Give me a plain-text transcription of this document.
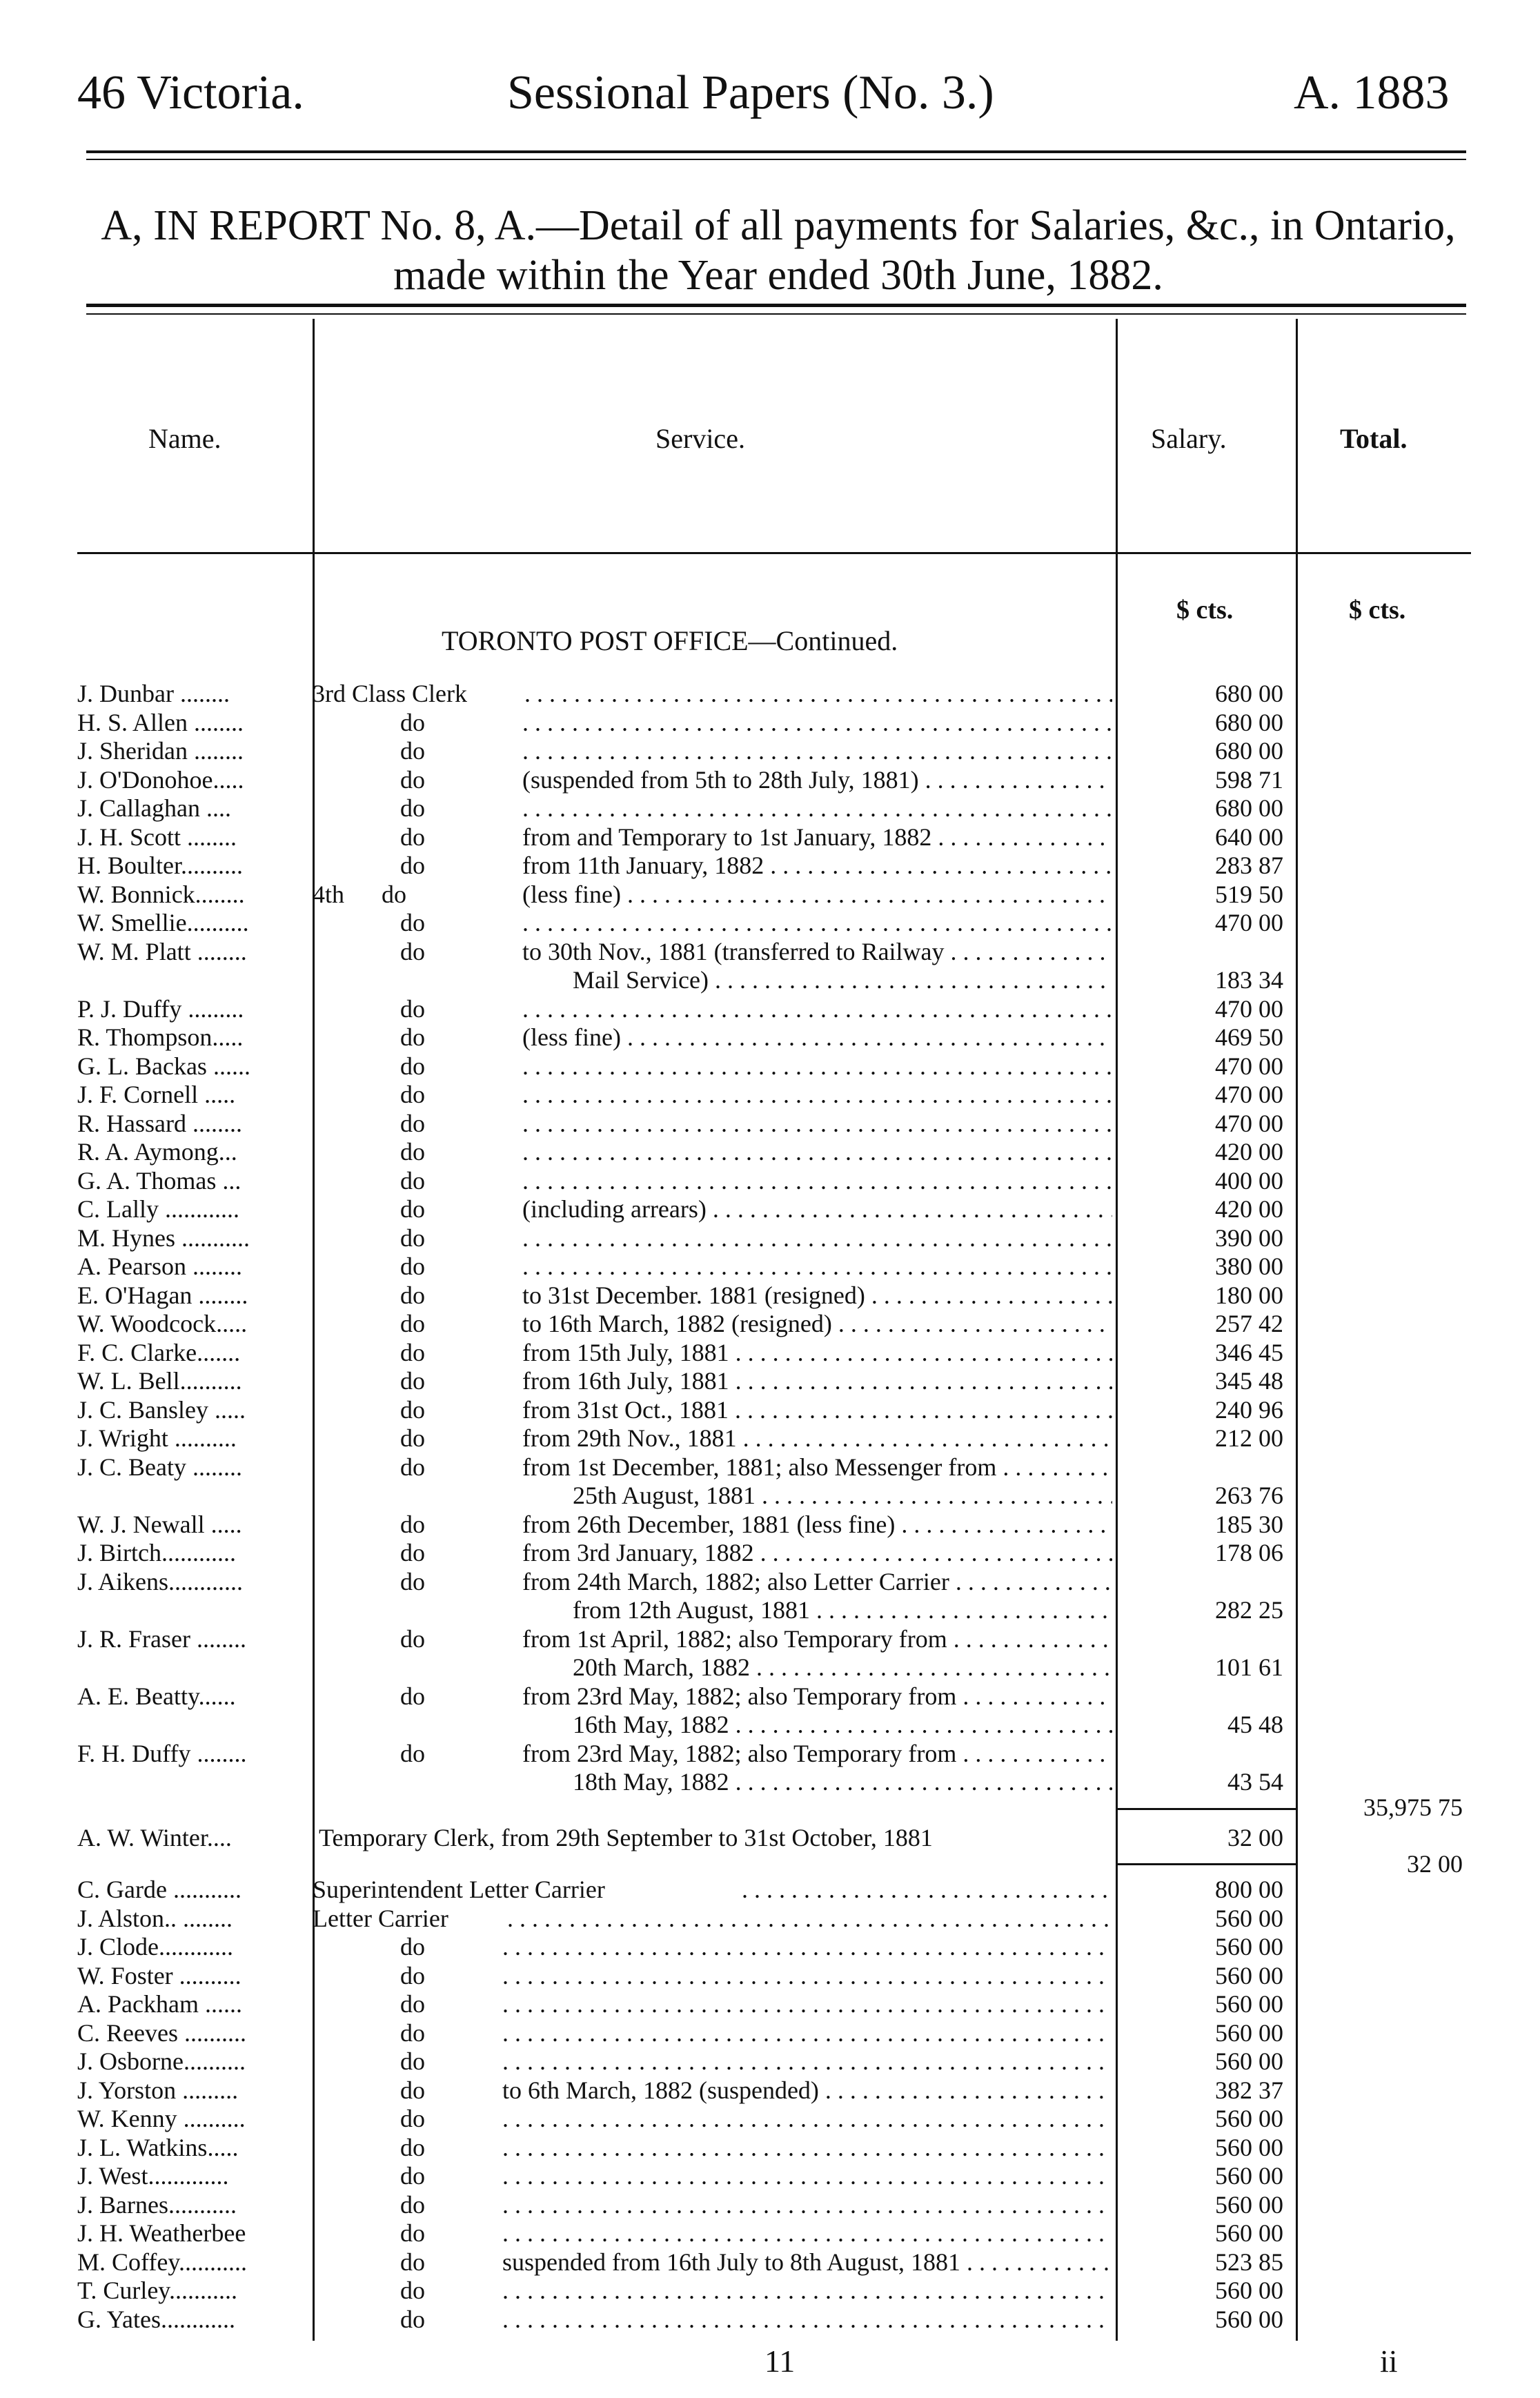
46 Victoria.	Sessional Papers (No. 3.)	A. 1883
A, IN REPORT No. 8, A.—Detail of all payments for Salaries, &c., in Ontario,
made within the Year ended 30th June, 1882.
Name.	Service.	Salary.	Total.
$ cts.	$ cts.
TORONTO POST OFFICE—Continued.
J. Dunbar ........	3rd Class Clerk . . .	680 00
H. S. Allen ........	do . . .	680 00
J. Sheridan ........	do . . .	680 00
J. O'Donohoe.....	do	(suspended from 5th to 28th July, 1881) . . .	598 71
J. Callaghan ....	do . . .	680 00
J. H. Scott ........	do	from and Temporary to 1st January, 1882 . . .	640 00
H. Boulter..........	do	from 11th January, 1882 . . .	283 87
W. Bonnick........	4th      do	(less fine) . . .	519 50
W. Smellie..........	do . . .	470 00
W. M. Platt ........	do	to 30th Nov., 1881 (transferred to Railway . . .
Mail Service) . . .	183 34
P. J. Duffy .........	do . . .	470 00
R. Thompson.....	do	(less fine) . . .	469 50
G. L. Backas ......	do . . .	470 00
J. F. Cornell .....	do . . .	470 00
R. Hassard ........	do . . .	470 00
R. A. Aymong...	do . . .	420 00
G. A. Thomas ...	do . . .	400 00
C. Lally ............	do	(including arrears) . . .	420 00
M. Hynes ...........	do . . .	390 00
A. Pearson ........	do . . .	380 00
E. O'Hagan ........	do	to 31st December. 1881 (resigned) . . .	180 00
W. Woodcock.....	do	to 16th March, 1882 (resigned) . . .	257 42
F. C. Clarke.......	do	from 15th July, 1881 . . .	346 45
W. L. Bell..........	do	from 16th July, 1881 . . .	345 48
J. C. Bansley .....	do	from 31st Oct., 1881 . . .	240 96
J. Wright ..........	do	from 29th Nov., 1881 . . .	212 00
J. C. Beaty ........	do	from 1st December, 1881; also Messenger from . . .
25th August, 1881 . . .	263 76
W. J. Newall .....	do	from 26th December, 1881 (less fine) . . .	185 30
J. Birtch............	do	from 3rd January, 1882 . . .	178 06
J. Aikens............	do	from 24th March, 1882; also Letter Carrier . . .
from 12th August, 1881 . . .	282 25
J. R. Fraser ........	do	from 1st April, 1882; also Temporary from . . .
20th March, 1882 . . .	101 61
A. E. Beatty......	do	from 23rd May, 1882; also Temporary from . . .
16th May, 1882 . . .	45 48
F. H. Duffy ........	do	from 23rd May, 1882; also Temporary from . . .
18th May, 1882 . . .	43 54
35,975 75
A. W. Winter....	Temporary Clerk, from 29th September to 31st October, 1881	32 00
32 00
C. Garde ...........	Superintendent Letter Carrier . . .	800 00
J. Alston.. ........	Letter Carrier . . .	560 00
J. Clode............	do . . .	560 00
W. Foster ..........	do . . .	560 00
A. Packham ......	do . . .	560 00
C. Reeves ..........	do . . .	560 00
J. Osborne..........	do . . .	560 00
J. Yorston .........	do	to 6th March, 1882 (suspended) . . .	382 37
W. Kenny ..........	do . . .	560 00
J. L. Watkins.....	do . . .	560 00
J. West.............	do . . .	560 00
J. Barnes...........	do . . .	560 00
J. H. Weatherbee	do . . .	560 00
M. Coffey...........	do	suspended from 16th July to 8th August, 1881 . . .	523 85
T. Curley...........	do . . .	560 00
G. Yates............	do . . .	560 00
11	ii
